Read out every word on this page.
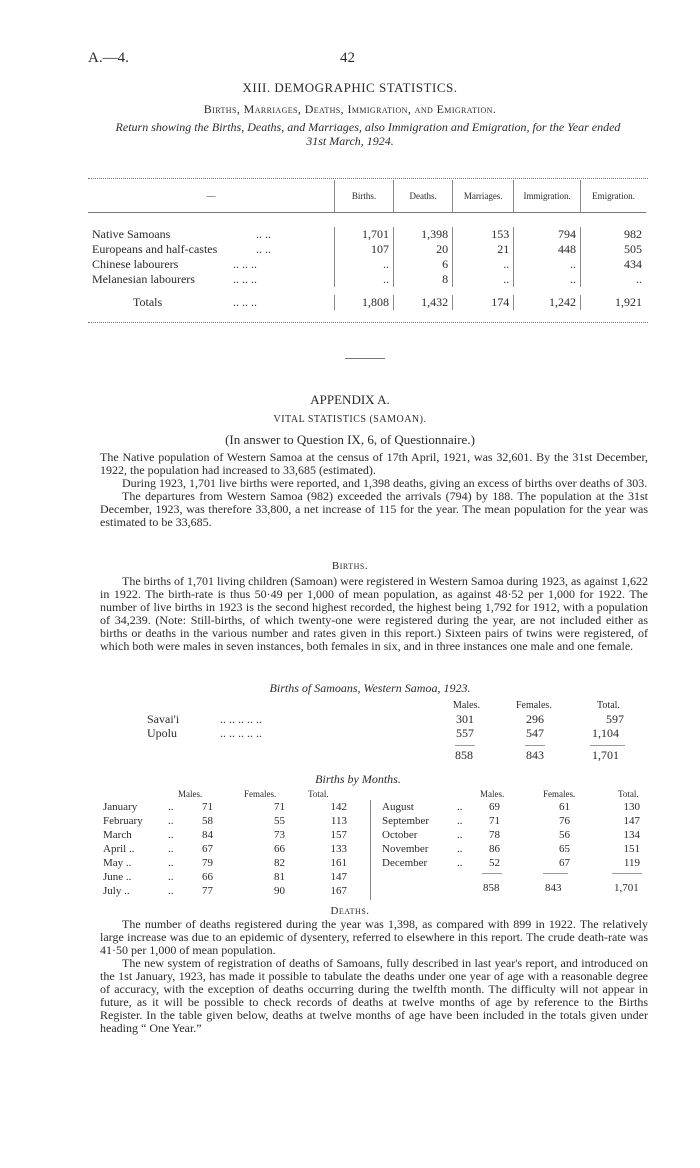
A.—4.	42
XIII. DEMOGRAPHIC STATISTICS.
Births, Marriages, Deaths, Immigration, and Emigration.
Return showing the Births, Deaths, and Marriages, also Immigration and Emigration, for the Year ended
31st March, 1924.
—	Births.	Deaths.	Marriages.	Immigration.	Emigration.

Native Samoans .. ..	1,701	1,398	153	794	982
Europeans and half-castes .. ..	107	20	21	448	505
Chinese labourers .. .. ..	..	6	..	..	434
Melanesian labourers .. .. ..	..	8	..	..	..

Totals .. .. ..	1,808	1,432	174	1,242	1,921

APPENDIX A.
VITAL STATISTICS (SAMOAN).
(In answer to Question IX, 6, of Questionnaire.)

The Native population of Western Samoa at the census of 17th April, 1921, was 32,601. By the 31st December, 1922, the population had increased to 33,685 (estimated).

During 1923, 1,701 live births were reported, and 1,398 deaths, giving an excess of births over deaths of 303.

The departures from Western Samoa (982) exceeded the arrivals (794) by 188. The population at the 31st December, 1923, was therefore 33,800, a net increase of 115 for the year. The mean population for the year was estimated to be 33,685.

Births.

The births of 1,701 living children (Samoan) were registered in Western Samoa during 1923, as against 1,622 in 1922. The birth-rate is thus 50·49 per 1,000 of mean population, as against 48·52 per 1,000 for 1922. The number of live births in 1923 is the second highest recorded, the highest being 1,792 for 1912, with a population of 34,239. (Note: Still-births, of which twenty-one were registered during the year, are not included either as births or deaths in the various number and rates given in this report.) Sixteen pairs of twins were registered, of which both were males in seven instances, both females in six, and in three instances one male and one female.

Births of Samoans, Western Samoa, 1923.
Males.	Females.	Total.
Savai'i	.. .. .. .. ..	301	296	597
Upolu	.. .. .. .. ..	557	547	1,104
858	843	1,701
Births by Months.
Males.	Females.	Total.	Males.	Females.	Total.
January	..	71	71	142
February	..	58	55	113
March	..	84	73	157
April ..	..	67	66	133
May ..	..	79	82	161
June ..	..	66	81	147
July ..	..	77	90	167
August	..	69	61	130
September	..	71	76	147
October	..	78	56	134
November	..	86	65	151
December	..	52	67	119
858	843	1,701
Deaths.

The number of deaths registered during the year was 1,398, as compared with 899 in 1922. The relatively large increase was due to an epidemic of dysentery, referred to elsewhere in this report. The crude death-rate was 41·50 per 1,000 of mean population.

The new system of registration of deaths of Samoans, fully described in last year's report, and introduced on the 1st January, 1923, has made it possible to tabulate the deaths under one year of age with a reasonable degree of accuracy, with the exception of deaths occurring during the twelfth month. The difficulty will not appear in future, as it will be possible to check records of deaths at twelve months of age by reference to the Births Register. In the table given below, deaths at twelve months of age have been included in the totals given under heading “ One Year.”
